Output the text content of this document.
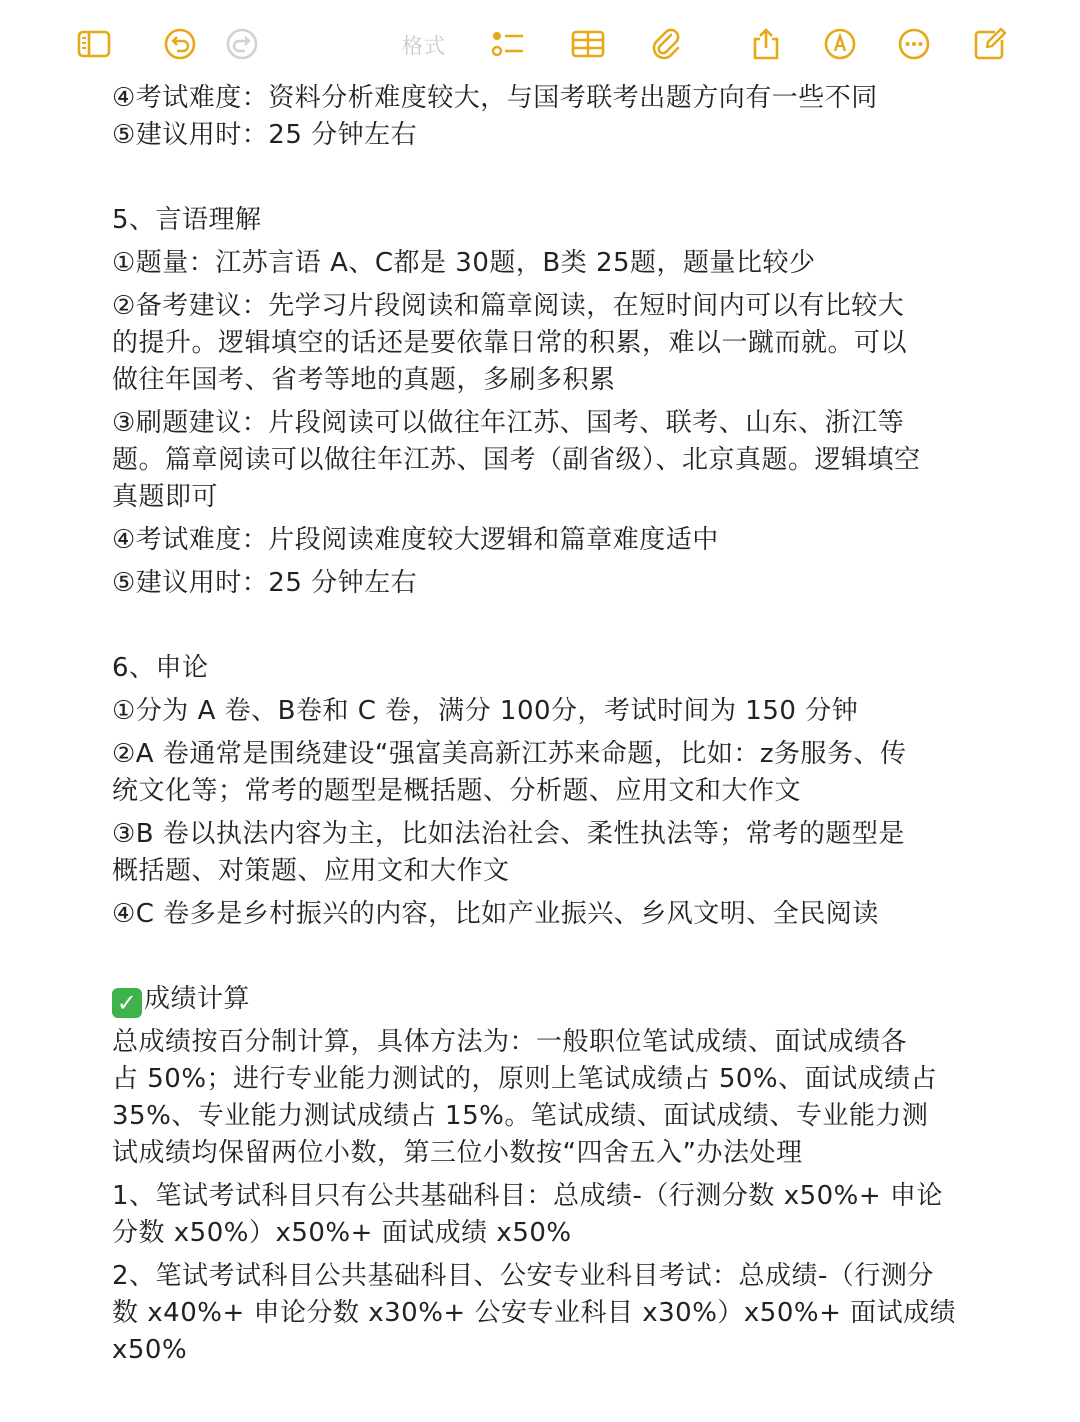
格式
④考试难度：资料分析难度较大，与国考联考出题方向有一些不同
⑤建议用时：25 分钟左右
5、言语理解
①题量：江苏言语 A、C都是 30题，B类 25题，题量比较少
②备考建议：先学习片段阅读和篇章阅读，在短时间内可以有比较大
的提升。逻辑填空的话还是要依靠日常的积累，难以一蹴而就。可以
做往年国考、省考等地的真题，多刷多积累
③刷题建议：片段阅读可以做往年江苏、国考、联考、山东、浙江等
题。篇章阅读可以做往年江苏、国考（副省级）、北京真题。逻辑填空
真题即可
④考试难度：片段阅读难度较大逻辑和篇章难度适中
⑤建议用时：25 分钟左右
6、申论
①分为 A 卷、B卷和 C 卷，满分 100分，考试时间为 150 分钟
②A 卷通常是围绕建设“强富美高新江苏来命题，比如：z务服务、传
统文化等；常考的题型是概括题、分析题、应用文和大作文
③B 卷以执法内容为主，比如法治社会、柔性执法等；常考的题型是
概括题、对策题、应用文和大作文
④C 卷多是乡村振兴的内容，比如产业振兴、乡风文明、全民阅读
✓ 成绩计算
总成绩按百分制计算，具体方法为：一般职位笔试成绩、面试成绩各
占 50%；进行专业能力测试的，原则上笔试成绩占 50%、面试成绩占
35%、专业能力测试成绩占 15%。笔试成绩、面试成绩、专业能力测
试成绩均保留两位小数，第三位小数按“四舍五入”办法处理
1、笔试考试科目只有公共基础科目：总成绩-（行测分数 x50%+ 申论
分数 x50%）x50%+ 面试成绩 x50%
2、笔试考试科目公共基础科目、公安专业科目考试：总成绩-（行测分
数 x40%+ 申论分数 x30%+ 公安专业科目 x30%）x50%+ 面试成绩
x50%
